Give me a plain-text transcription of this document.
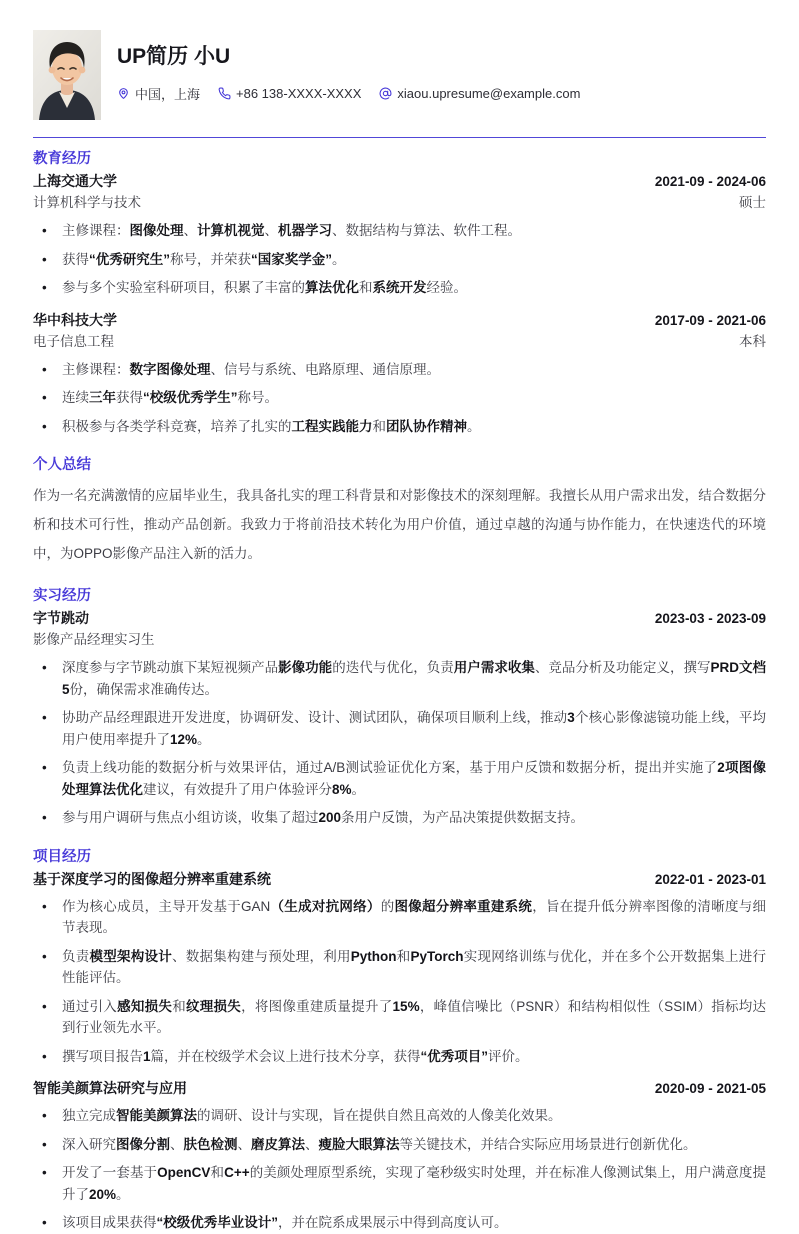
UP简历 小U
中国，上海	+86 138-XXXX-XXXX	xiaou.upresume@example.com
教育经历
上海交通大学	2021-09 - 2024-06
计算机科学与技术	硕士
•	主修课程：图像处理、计算机视觉、机器学习、数据结构与算法、软件工程。
•	获得“优秀研究生”称号，并荣获“国家奖学金”。
•	参与多个实验室科研项目，积累了丰富的算法优化和系统开发经验。
华中科技大学	2017-09 - 2021-06
电子信息工程	本科
•	主修课程：数字图像处理、信号与系统、电路原理、通信原理。
•	连续三年获得“校级优秀学生”称号。
•	积极参与各类学科竞赛，培养了扎实的工程实践能力和团队协作精神。
个人总结

作为一名充满激情的应届毕业生，我具备扎实的理工科背景和对影像技术的深刻理解。我擅长从用户需求出发，结合数据分析和技术可行性，推动产品创新。我致力于将前沿技术转化为用户价值，通过卓越的沟通与协作能力，在快速迭代的环境中，为OPPO影像产品注入新的活力。

实习经历
字节跳动	2023-03 - 2023-09
影像产品经理实习生
•	深度参与字节跳动旗下某短视频产品影像功能的迭代与优化，负责用户需求收集、竞品分析及功能定义，撰写PRD文档5份，确保需求准确传达。
•	协助产品经理跟进开发进度，协调研发、设计、测试团队，确保项目顺利上线，推动3个核心影像滤镜功能上线，平均用户使用率提升了12%。
•	负责上线功能的数据分析与效果评估，通过A/B测试验证优化方案，基于用户反馈和数据分析，提出并实施了2项图像处理算法优化建议，有效提升了用户体验评分8%。
•	参与用户调研与焦点小组访谈，收集了超过200条用户反馈，为产品决策提供数据支持。
项目经历
基于深度学习的图像超分辨率重建系统	2022-01 - 2023-01
•	作为核心成员，主导开发基于GAN（生成对抗网络）的图像超分辨率重建系统，旨在提升低分辨率图像的清晰度与细节表现。
•	负责模型架构设计、数据集构建与预处理，利用Python和PyTorch实现网络训练与优化，并在多个公开数据集上进行性能评估。
•	通过引入感知损失和纹理损失，将图像重建质量提升了15%，峰值信噪比（PSNR）和结构相似性（SSIM）指标均达到行业领先水平。
•	撰写项目报告1篇，并在校级学术会议上进行技术分享，获得“优秀项目”评价。
智能美颜算法研究与应用	2020-09 - 2021-05
•	独立完成智能美颜算法的调研、设计与实现，旨在提供自然且高效的人像美化效果。
•	深入研究图像分割、肤色检测、磨皮算法、瘦脸大眼算法等关键技术，并结合实际应用场景进行创新优化。
•	开发了一套基于OpenCV和C++的美颜处理原型系统，实现了毫秒级实时处理，并在标准人像测试集上，用户满意度提升了20%。
•	该项目成果获得“校级优秀毕业设计”，并在院系成果展示中得到高度认可。
